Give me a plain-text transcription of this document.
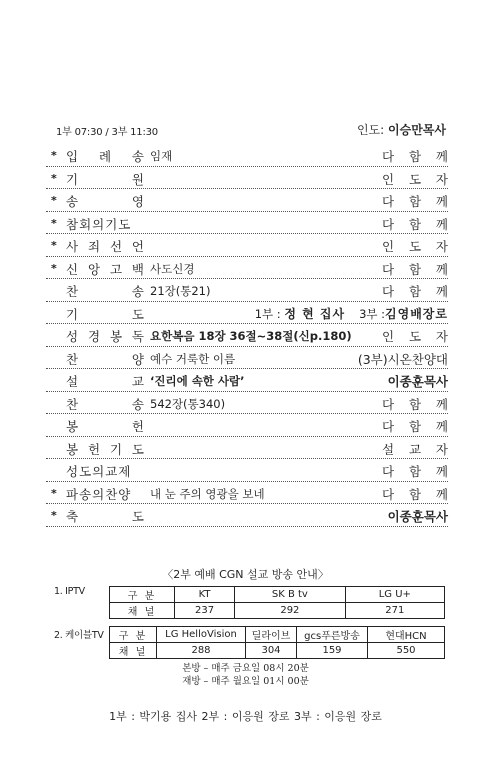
1부 07:30 / 3부 11:30	인도: 이승만목사
* 입 례 송 임재	다 함 께
* 기	원	인 도 자
* 송	영	다 함 께
* 참회의기도	다 함 께
* 사 죄 선 언	인 도 자
* 신 앙 고 백 사도신경	다 함 께
찬	송 21장(통21)	다 함 께
기	도	1부 : 정 현 집사 3부 :김영배장로
성 경 봉 독 요한복음 18장 36절~38절(신p.180) 인 도 자
찬	양 예수 거룩한 이름	(3부)시온찬양대
설	교 ‘진리에 속한 사람’	이종훈목사
찬	송 542장(통340)	다 함 께
봉	헌	다 함 께
봉 헌 기 도	설 교 자
성도의교제	다 함 께
* 파송의찬양	내 눈 주의 영광을 보네	다 함 께
* 축	도	이종훈목사
〈2부 예배 CGN 설교 방송 안내〉
1. IPTV	구 분	KT	SK B tv	LG U+
채 널	237	292	271
2. 케이블TV 구 분	LG HelloVision	딜라이브	gcs푸른방송	현대HCN
채 널	288	304	159	550
본방 – 매주 금요일 08시 20분
재방 – 매주 월요일 01시 00분
1부 : 박기용 집사 2부 : 이응원 장로 3부 : 이응원 장로
